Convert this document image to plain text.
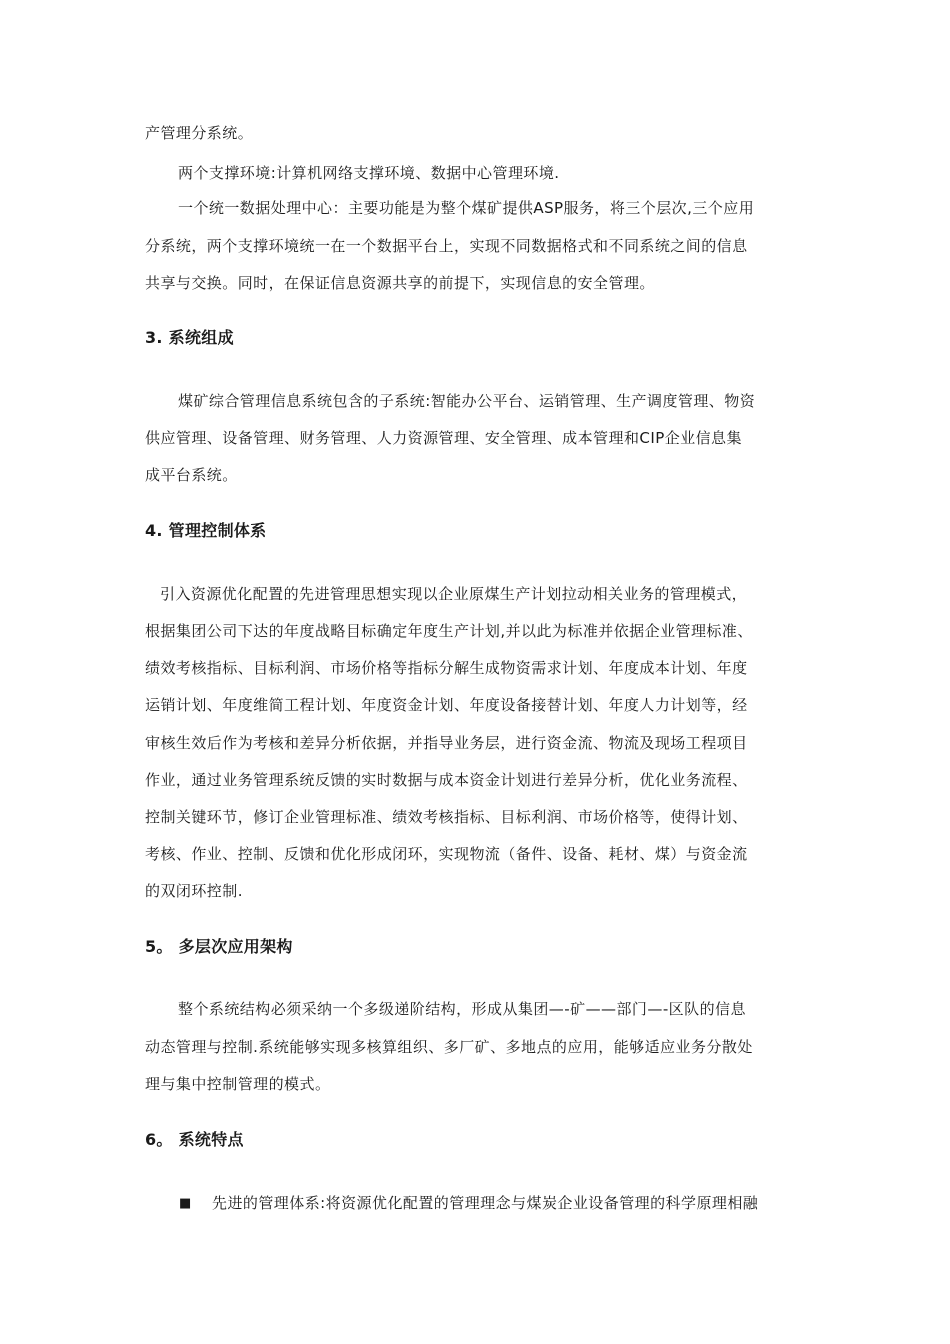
产管理分系统。
两个支撑环境:计算机网络支撑环境、数据中心管理环境.
一个统一数据处理中心：主要功能是为整个煤矿提供ASP服务，将三个层次,三个应用
分系统，两个支撑环境统一在一个数据平台上，实现不同数据格式和不同系统之间的信息
共享与交换。同时，在保证信息资源共享的前提下，实现信息的安全管理。
3. 系统组成
煤矿综合管理信息系统包含的子系统:智能办公平台、运销管理、生产调度管理、物资
供应管理、设备管理、财务管理、人力资源管理、安全管理、成本管理和CIP企业信息集
成平台系统。
4. 管理控制体系
引入资源优化配置的先进管理思想实现以企业原煤生产计划拉动相关业务的管理模式，
根据集团公司下达的年度战略目标确定年度生产计划,并以此为标准并依据企业管理标准、
绩效考核指标、目标利润、市场价格等指标分解生成物资需求计划、年度成本计划、年度
运销计划、年度维简工程计划、年度资金计划、年度设备接替计划、年度人力计划等，经
审核生效后作为考核和差异分析依据，并指导业务层，进行资金流、物流及现场工程项目
作业，通过业务管理系统反馈的实时数据与成本资金计划进行差异分析，优化业务流程、
控制关键环节，修订企业管理标准、绩效考核指标、目标利润、市场价格等，使得计划、
考核、作业、控制、反馈和优化形成闭环，实现物流（备件、设备、耗材、煤）与资金流
的双闭环控制.
5。 多层次应用架构
整个系统结构必须采纳一个多级递阶结构，形成从集团—-矿——部门—-区队的信息
动态管理与控制.系统能够实现多核算组织、多厂矿、多地点的应用，能够适应业务分散处
理与集中控制管理的模式。
6。 系统特点
■ 先进的管理体系:将资源优化配置的管理理念与煤炭企业设备管理的科学原理相融
